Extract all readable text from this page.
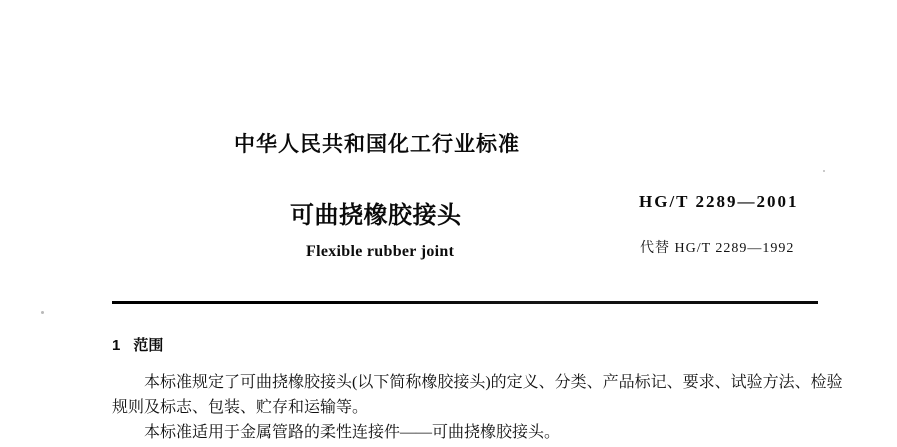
中华人民共和国化工行业标准
可曲挠橡胶接头
Flexible rubber joint
HG/T 2289—2001
代替 HG/T 2289—1992
1 范围
本标准规定了可曲挠橡胶接头(以下简称橡胶接头)的定义、分类、产品标记、要求、试验方法、检验
规则及标志、包装、贮存和运输等。
本标准适用于金属管路的柔性连接件——可曲挠橡胶接头。
